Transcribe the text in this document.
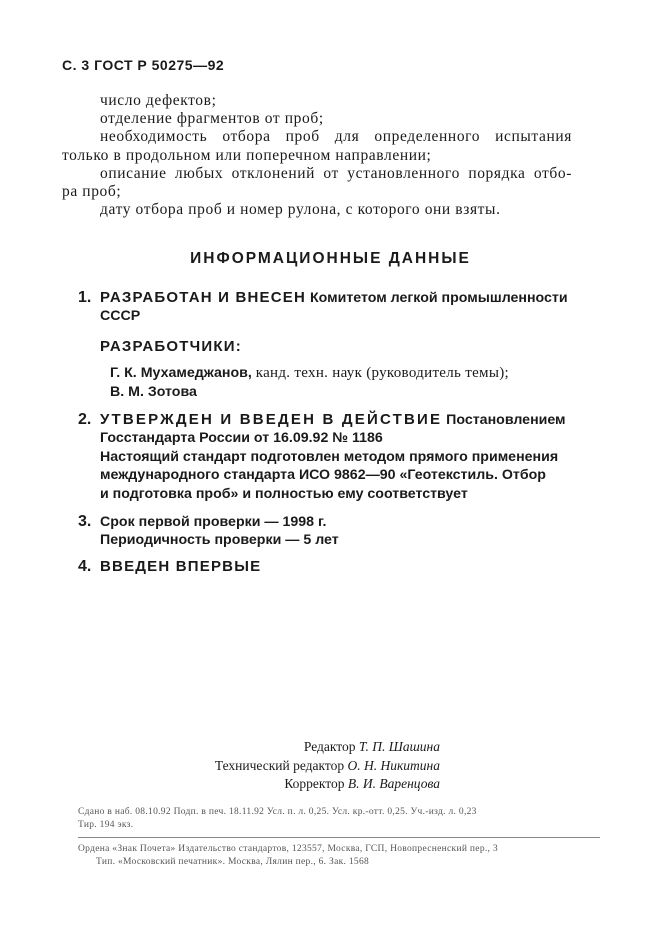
С. 3 ГОСТ Р 50275—92
число дефектов;
отделение фрагментов от проб;
необходимость отбора проб для определенного испытания
только в продольном или поперечном направлении;
описание любых отклонений от установленного порядка отбо-
ра проб;
дату отбора проб и номер рулона, с которого они взяты.
ИНФОРМАЦИОННЫЕ ДАННЫЕ
1. РАЗРАБОТАН И ВНЕСЕН Комитетом легкой промышленности
СССР
РАЗРАБОТЧИКИ:
Г. К. Мухамеджанов, канд. техн. наук (руководитель темы);
В. М. Зотова
2. УТВЕРЖДЕН И ВВЕДЕН В ДЕЙСТВИЕ Постановлением
Госстандарта России от 16.09.92 № 1186
Настоящий стандарт подготовлен методом прямого применения
международного стандарта ИСО 9862—90 «Геотекстиль. Отбор
и подготовка проб» и полностью ему соответствует
3. Срок первой проверки — 1998 г.
Периодичность проверки — 5 лет
4. ВВЕДЕН ВПЕРВЫЕ
Редактор Т. П. Шашина
Технический редактор О. Н. Никитина
Корректор В. И. Варенцова
Сдано в наб. 08.10.92 Подп. в печ. 18.11.92 Усл. п. л. 0,25. Усл. кр.-отт. 0,25. Уч.-изд. л. 0,23
Тир. 194 экз.
Ордена «Знак Почета» Издательство стандартов, 123557, Москва, ГСП, Новопресненский пер., 3
Тип. «Московский печатник». Москва, Лялин пер., 6. Зак. 1568
